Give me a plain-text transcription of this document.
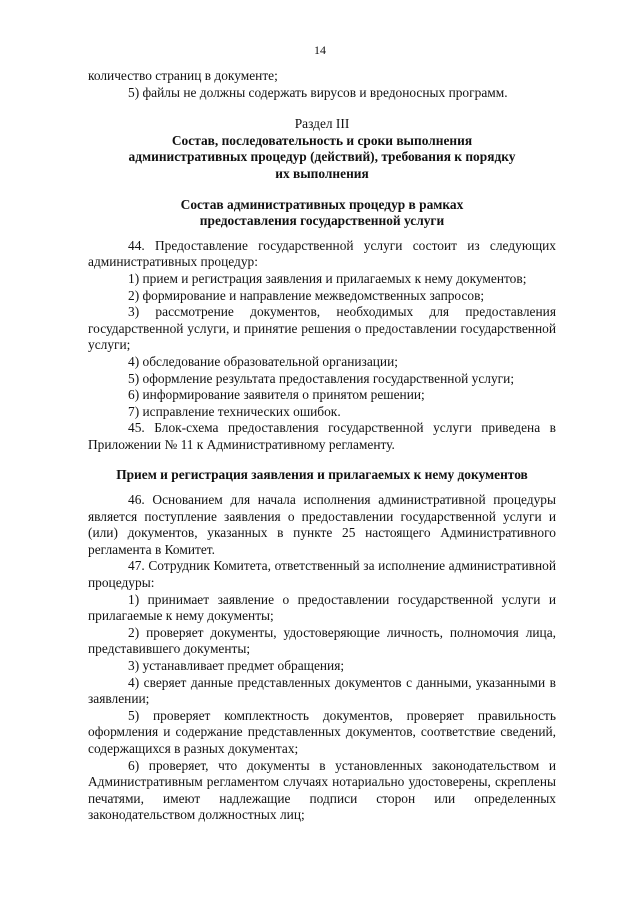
14

количество страниц в документе;

5) файлы не должны содержать вирусов и вредоносных программ.

Раздел III

Состав, последовательность и сроки выполнения административных процедур (действий), требования к порядку их выполнения

Состав административных процедур в рамках предоставления государственной услуги

44. Предоставление государственной услуги состоит из следующих административных процедур:

1) прием и регистрация заявления и прилагаемых к нему документов;

2) формирование и направление межведомственных запросов;

3) рассмотрение документов, необходимых для предоставления государственной услуги, и принятие решения о предоставлении государственной услуги;

4) обследование образовательной организации;

5) оформление результата предоставления государственной услуги;

6) информирование заявителя о принятом решении;

7) исправление технических ошибок.

45. Блок-схема предоставления государственной услуги приведена в Приложении № 11 к Административному регламенту.

Прием и регистрация заявления и прилагаемых к нему документов

46. Основанием для начала исполнения административной процедуры является поступление заявления о предоставлении государственной услуги и (или) документов, указанных в пункте 25 настоящего Административного регламента в Комитет.

47. Сотрудник Комитета, ответственный за исполнение административной процедуры:

1) принимает заявление о предоставлении государственной услуги и прилагаемые к нему документы;

2) проверяет документы, удостоверяющие личность, полномочия лица, представившего документы;

3) устанавливает предмет обращения;

4) сверяет данные представленных документов с данными, указанными в заявлении;

5) проверяет комплектность документов, проверяет правильность оформления и содержание представленных документов, соответствие сведений, содержащихся в разных документах;

6) проверяет, что документы в установленных законодательством и Административным регламентом случаях нотариально удостоверены, скреплены печатями, имеют надлежащие подписи сторон или определенных законодательством должностных лиц;
